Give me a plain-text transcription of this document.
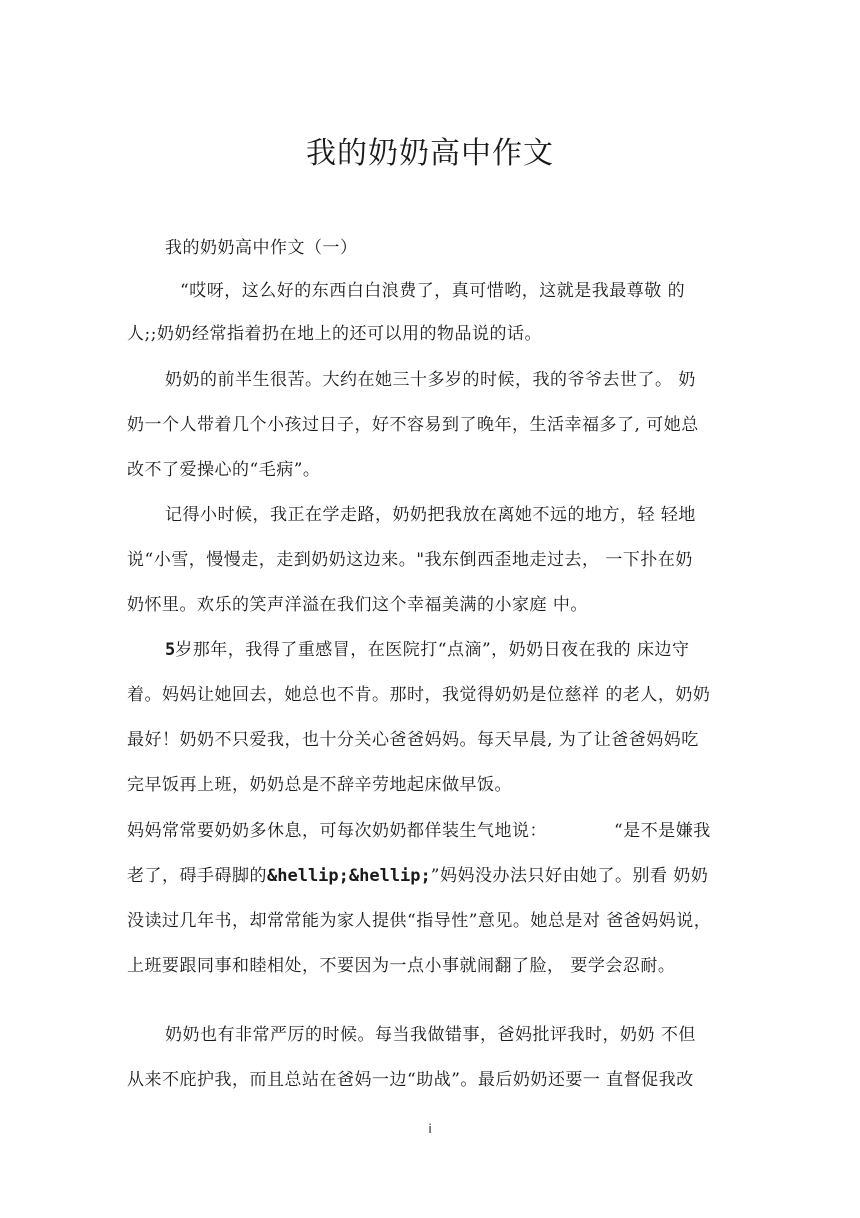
我的奶奶高中作文

我的奶奶高中作文（一）

“哎呀，这么好的东西白白浪费了，真可惜哟，这就是我最尊敬 的

人;;奶奶经常指着扔在地上的还可以用的物品说的话。

奶奶的前半生很苦。大约在她三十多岁的时候，我的爷爷去世了。 奶

奶一个人带着几个小孩过日子，好不容易到了晚年，生活幸福多了, 可她总

改不了爱操心的“毛病”。

记得小时候，我正在学走路，奶奶把我放在离她不远的地方，轻 轻地

说“小雪，慢慢走，走到奶奶这边来。"我东倒西歪地走过去， 一下扑在奶

奶怀里。欢乐的笑声洋溢在我们这个幸福美满的小家庭 中。

5岁那年，我得了重感冒，在医院打“点滴”，奶奶日夜在我的 床边守

着。妈妈让她回去，她总也不肯。那时，我觉得奶奶是位慈祥 的老人，奶奶

最好！奶奶不只爱我，也十分关心爸爸妈妈。每天早晨, 为了让爸爸妈妈吃

完早饭再上班，奶奶总是不辞辛劳地起床做早饭。

妈妈常常要奶奶多休息，可每次奶奶都佯装生气地说：	“是不是嫌我

老了，碍手碍脚的&hellip;&hellip;”妈妈没办法只好由她了。别看 奶奶

没读过几年书，却常常能为家人提供“指导性”意见。她总是对 爸爸妈妈说，

上班要跟同事和睦相处，不要因为一点小事就闹翻了脸， 要学会忍耐。

奶奶也有非常严厉的时候。每当我做错事，爸妈批评我时，奶奶 不但

从来不庇护我，而且总站在爸妈一边“助战”。最后奶奶还要一 直督促我改

i
